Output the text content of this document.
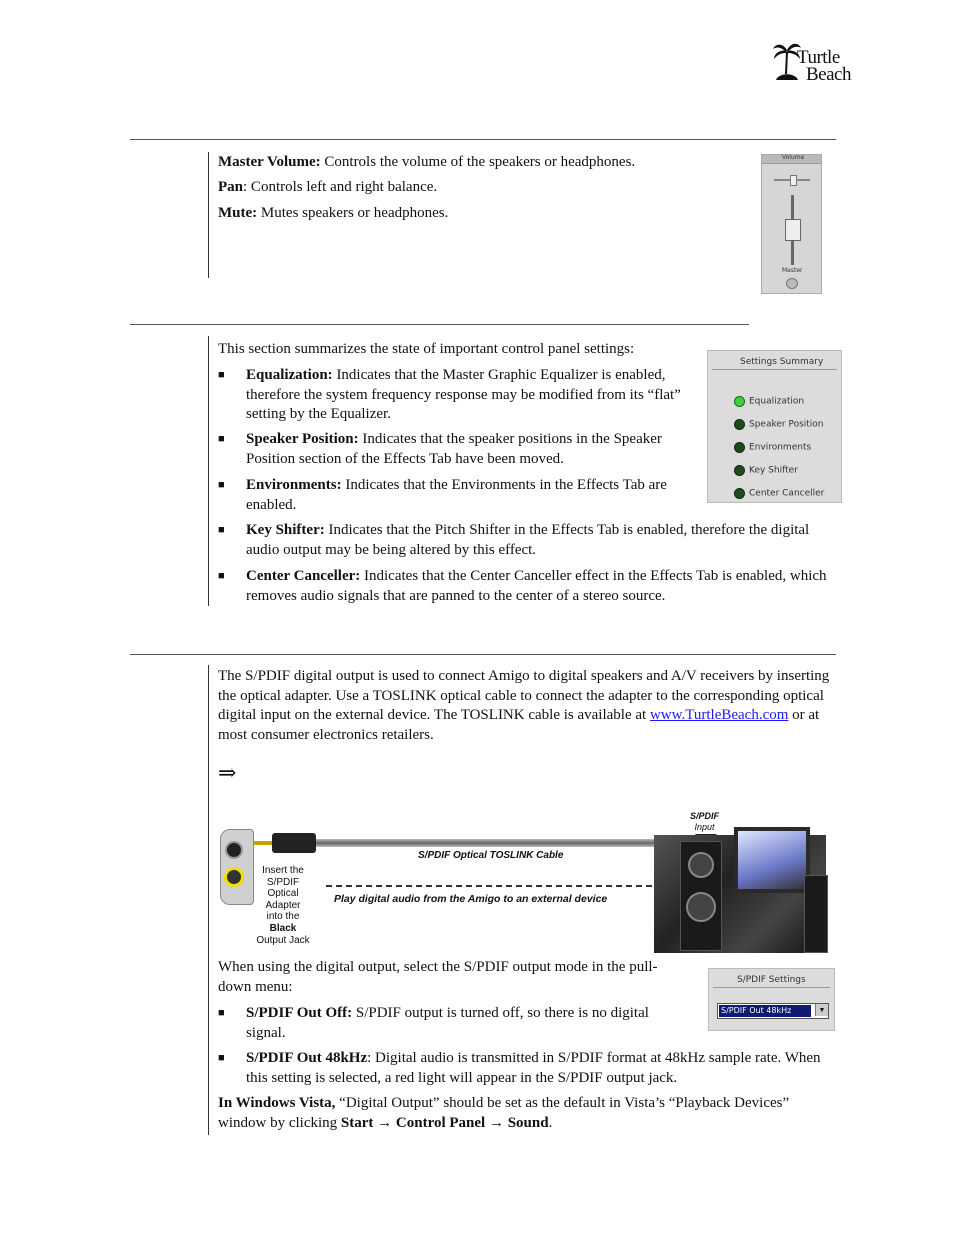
Turtle
Beach
Master Volume: Controls the volume of the speakers or headphones.
Pan: Controls left and right balance.
Mute: Mutes speakers or headphones.
Volume
Master
This section summarizes the state of important control panel settings:
■ Equalization: Indicates that the Master Graphic Equalizer is enabled, therefore the system frequency response may be modified from its “flat” setting by the Equalizer.
■ Speaker Position: Indicates that the speaker positions in the Speaker Position section of the Effects Tab have been moved.
■ Environments: Indicates that the Environments in the Effects Tab are enabled.
■ Key Shifter: Indicates that the Pitch Shifter in the Effects Tab is enabled, therefore the digital audio output may be being altered by this effect.
■ Center Canceller: Indicates that the Center Canceller effect in the Effects Tab is enabled, which removes audio signals that are panned to the center of a stereo source.
Settings Summary
Equalization
Speaker Position
Environments
Key Shifter
Center Canceller
The S/PDIF digital output is used to connect Amigo to digital speakers and A/V receivers by inserting the optical adapter. Use a TOSLINK optical cable to connect the adapter to the corresponding optical digital input on the external device. The TOSLINK cable is available at www.TurtleBeach.com or at most consumer electronics retailers.
⇒
S/PDIF Optical TOSLINK Cable
Play digital audio from the Amigo to an external device
Insert the
S/PDIF
Optical
Adapter
into the
Black
Output Jack
S/PDIF
Input
When using the digital output, select the S/PDIF output mode in the pull-down menu:
■ S/PDIF Out Off: S/PDIF output is turned off, so there is no digital signal.
■ S/PDIF Out 48kHz: Digital audio is transmitted in S/PDIF format at 48kHz sample rate. When this setting is selected, a red light will appear in the S/PDIF output jack.
S/PDIF Settings
S/PDIF Out 48kHz	▼
In Windows Vista, “Digital Output” should be set as the default in Vista’s “Playback Devices” window by clicking Start → Control Panel → Sound.
